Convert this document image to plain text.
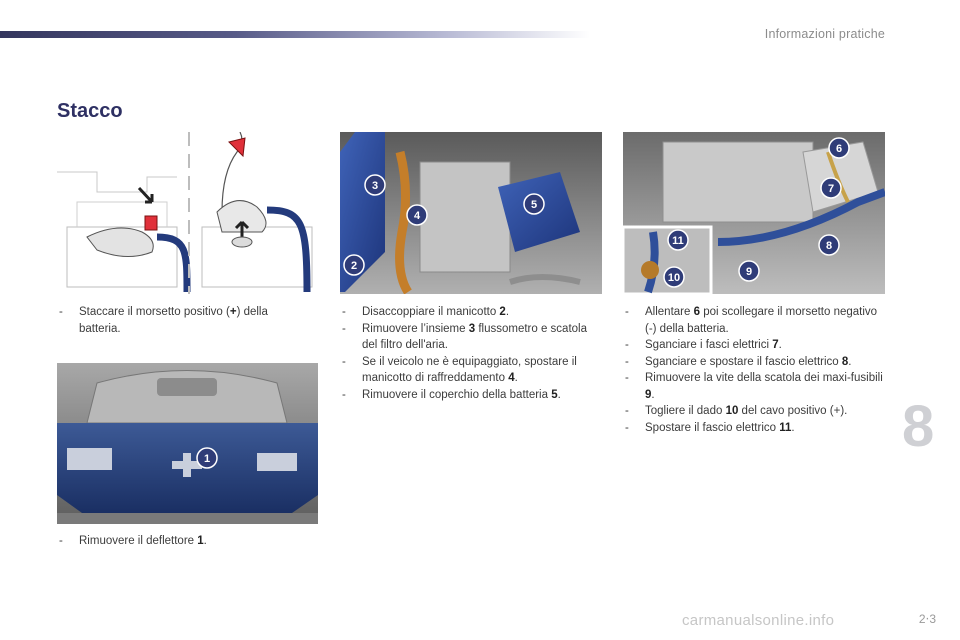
Informazioni pratiche
Stacco
1
2
3
4
5
6
7
8
9
10
11
- Staccare il morsetto positivo (+) della batteria.
- Rimuovere il deflettore 1.
- Disaccoppiare il manicotto 2.
- Rimuovere l’insieme 3 flussometro e scatola del filtro dell'aria.
- Se il veicolo ne è equipaggiato, spostare il manicotto di raffreddamento 4.
- Rimuovere il coperchio della batteria 5.
- Allentare 6 poi scollegare il morsetto negativo (-) della batteria.
- Sganciare i fasci elettrici 7.
- Sganciare e spostare il fascio elettrico 8.
- Rimuovere la vite della scatola dei maxi-fusibili 9.
- Togliere il dado 10 del cavo positivo (+).
- Spostare il fascio elettrico 11.	8
carmanualsonline.info	2‧3
